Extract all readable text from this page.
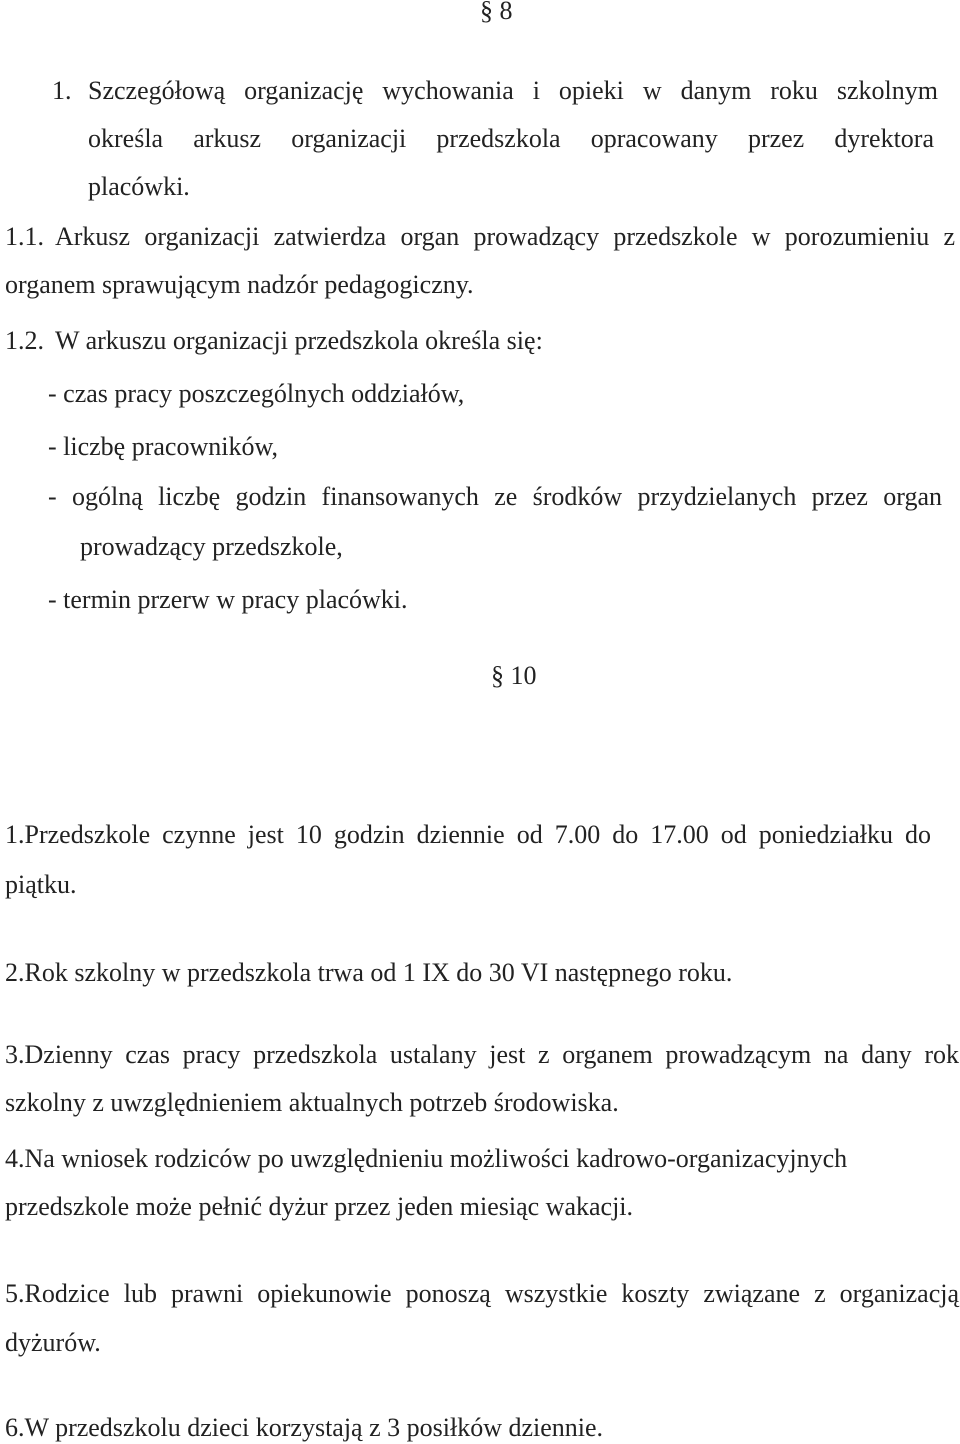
§ 8
1. Szczegółową organizację wychowania i opieki w danym roku szkolnym
określa arkusz organizacji przedszkola opracowany przez dyrektora
placówki.
1.1. Arkusz organizacji zatwierdza organ prowadzący przedszkole w porozumieniu z
organem sprawującym nadzór pedagogiczny.
1.2. W arkuszu organizacji przedszkola określa się:
- czas pracy poszczególnych oddziałów,
- liczbę pracowników,
- ogólną liczbę godzin finansowanych ze środków przydzielanych przez organ
prowadzący przedszkole,
- termin przerw w pracy placówki.
§ 10
1.Przedszkole czynne jest 10 godzin dziennie od 7.00 do 17.00 od poniedziałku do
piątku.
2.Rok szkolny w przedszkola trwa od 1 IX do 30 VI następnego roku.
3.Dzienny czas pracy przedszkola ustalany jest z organem prowadzącym na dany rok
szkolny z uwzględnieniem aktualnych potrzeb środowiska.
4.Na wniosek rodziców po uwzględnieniu możliwości kadrowo-organizacyjnych
przedszkole może pełnić dyżur przez jeden miesiąc wakacji.
5.Rodzice lub prawni opiekunowie ponoszą wszystkie koszty związane z organizacją
dyżurów.
6.W przedszkolu dzieci korzystają z 3 posiłków dziennie.
